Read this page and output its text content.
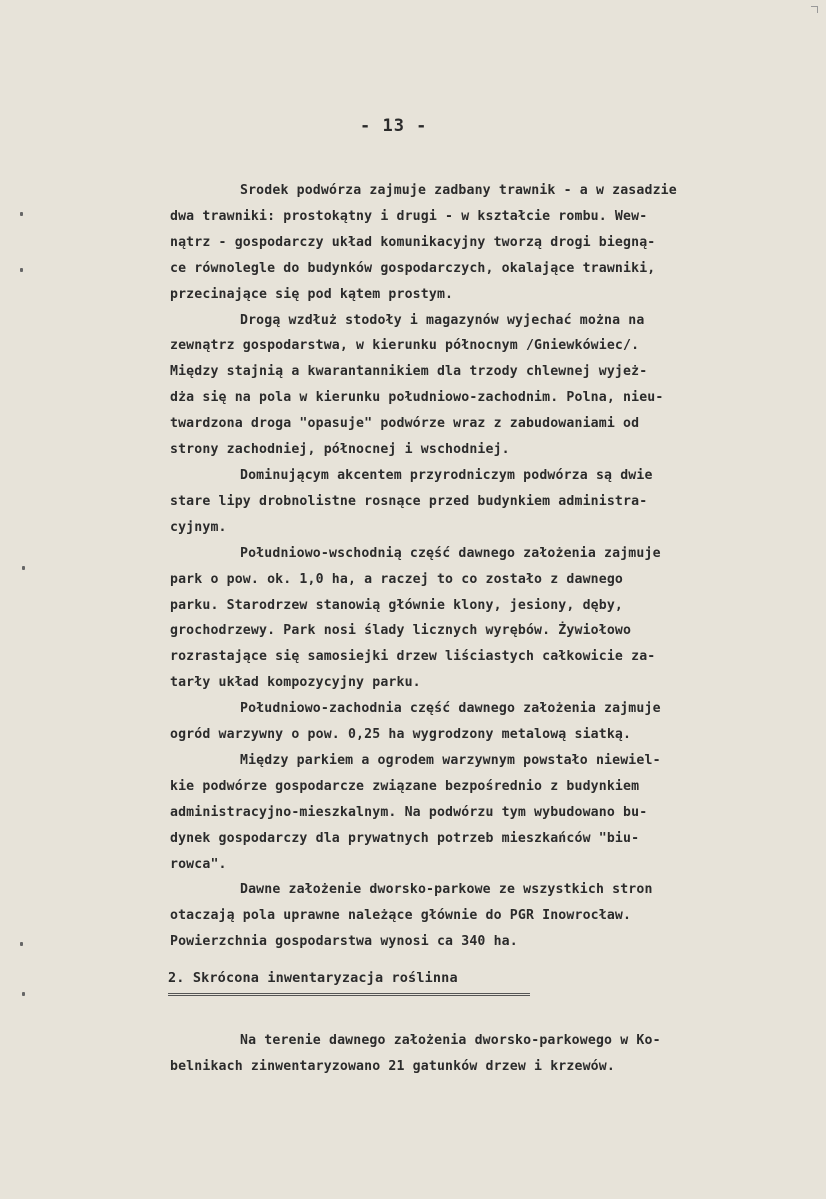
- 13 -

Srodek podwórza zajmuje zadbany trawnik - a w zasadzie
dwa trawniki: prostokątny i drugi - w kształcie rombu. Wew-
nątrz - gospodarczy układ komunikacyjny tworzą drogi biegną-
ce równolegle do budynków gospodarczych, okalające trawniki,
przecinające się pod kątem prostym.

Drogą wzdłuż stodoły i magazynów wyjechać można na
zewnątrz gospodarstwa, w kierunku północnym /Gniewkówiec/.
Między stajnią a kwarantannikiem dla trzody chlewnej wyjeż-
dża się na pola w kierunku południowo-zachodnim. Polna, nieu-
twardzona droga "opasuje" podwórze wraz z zabudowaniami od
strony zachodniej, północnej i wschodniej.

Dominującym akcentem przyrodniczym podwórza są dwie
stare lipy drobnolistne rosnące przed budynkiem administra-
cyjnym.

Południowo-wschodnią część dawnego założenia zajmuje
park o pow. ok. 1,0 ha, a raczej to co zostało z dawnego
parku. Starodrzew stanowią głównie klony, jesiony, dęby,
grochodrzewy. Park nosi ślady licznych wyrębów. Żywiołowo
rozrastające się samosiejki drzew liściastych całkowicie za-
tarły układ kompozycyjny parku.

Południowo-zachodnia część dawnego założenia zajmuje
ogród warzywny o pow. 0,25 ha wygrodzony metalową siatką.

Między parkiem a ogrodem warzywnym powstało niewiel-
kie podwórze gospodarcze związane bezpośrednio z budynkiem
administracyjno-mieszkalnym. Na podwórzu tym wybudowano bu-
dynek gospodarczy dla prywatnych potrzeb mieszkańców "biu-
rowca".

Dawne założenie dworsko-parkowe ze wszystkich stron
otaczają pola uprawne należące głównie do PGR Inowrocław.
Powierzchnia gospodarstwa wynosi ca 340 ha.

2. Skrócona inwentaryzacja roślinna
Na terenie dawnego założenia dworsko-parkowego w Ko-
belnikach zinwentaryzowano 21 gatunków drzew i krzewów.
